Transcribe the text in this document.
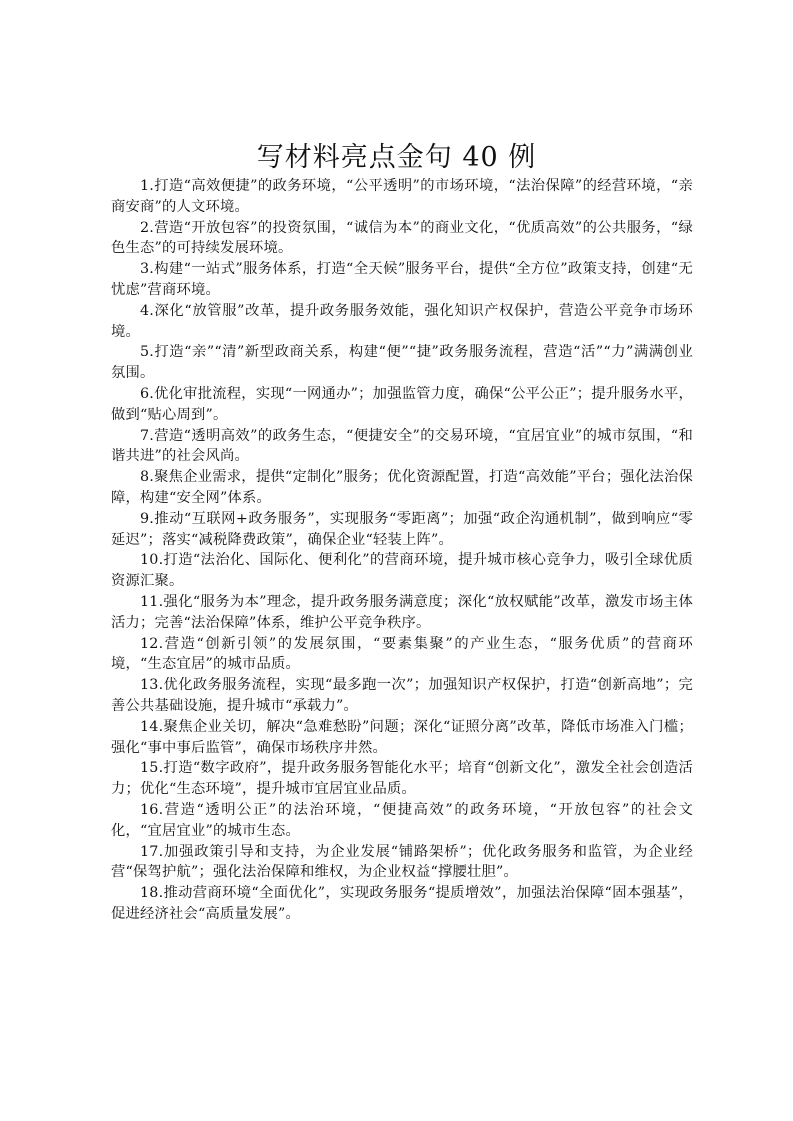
写材料亮点金句 40 例

1.打造“高效便捷”的政务环境，“公平透明”的市场环境，“法治保障”的经营环境，“亲商安商”的人文环境。

2.营造“开放包容”的投资氛围，“诚信为本”的商业文化，“优质高效”的公共服务，“绿色生态”的可持续发展环境。

3.构建“一站式”服务体系，打造“全天候”服务平台，提供“全方位”政策支持，创建“无忧虑”营商环境。

4.深化“放管服”改革，提升政务服务效能，强化知识产权保护，营造公平竞争市场环境。

5.打造“亲”“清”新型政商关系，构建“便”“捷”政务服务流程，营造“活”“力”满满创业氛围。

6.优化审批流程，实现“一网通办”；加强监管力度，确保“公平公正”；提升服务水平，做到“贴心周到”。

7.营造“透明高效”的政务生态，“便捷安全”的交易环境，“宜居宜业”的城市氛围，“和谐共进”的社会风尚。

8.聚焦企业需求，提供“定制化”服务；优化资源配置，打造“高效能”平台；强化法治保障，构建“安全网”体系。

9.推动“互联网+政务服务”，实现服务“零距离”；加强“政企沟通机制”，做到响应“零延迟”；落实“减税降费政策”，确保企业“轻装上阵”。

10.打造“法治化、国际化、便利化”的营商环境，提升城市核心竞争力，吸引全球优质资源汇聚。

11.强化“服务为本”理念，提升政务服务满意度；深化“放权赋能”改革，激发市场主体活力；完善“法治保障”体系，维护公平竞争秩序。

12.营造“创新引领”的发展氛围，“要素集聚”的产业生态，“服务优质”的营商环境，“生态宜居”的城市品质。

13.优化政务服务流程，实现“最多跑一次”；加强知识产权保护，打造“创新高地”；完善公共基础设施，提升城市“承载力”。

14.聚焦企业关切，解决“急难愁盼”问题；深化“证照分离”改革，降低市场准入门槛；强化“事中事后监管”，确保市场秩序井然。

15.打造“数字政府”，提升政务服务智能化水平；培育“创新文化”，激发全社会创造活力；优化“生态环境”，提升城市宜居宜业品质。

16.营造“透明公正”的法治环境，“便捷高效”的政务环境，“开放包容”的社会文化，“宜居宜业”的城市生态。

17.加强政策引导和支持，为企业发展“铺路架桥”；优化政务服务和监管，为企业经营“保驾护航”；强化法治保障和维权，为企业权益“撑腰壮胆”。

18.推动营商环境“全面优化”，实现政务服务“提质增效”，加强法治保障“固本强基”，促进经济社会“高质量发展”。
